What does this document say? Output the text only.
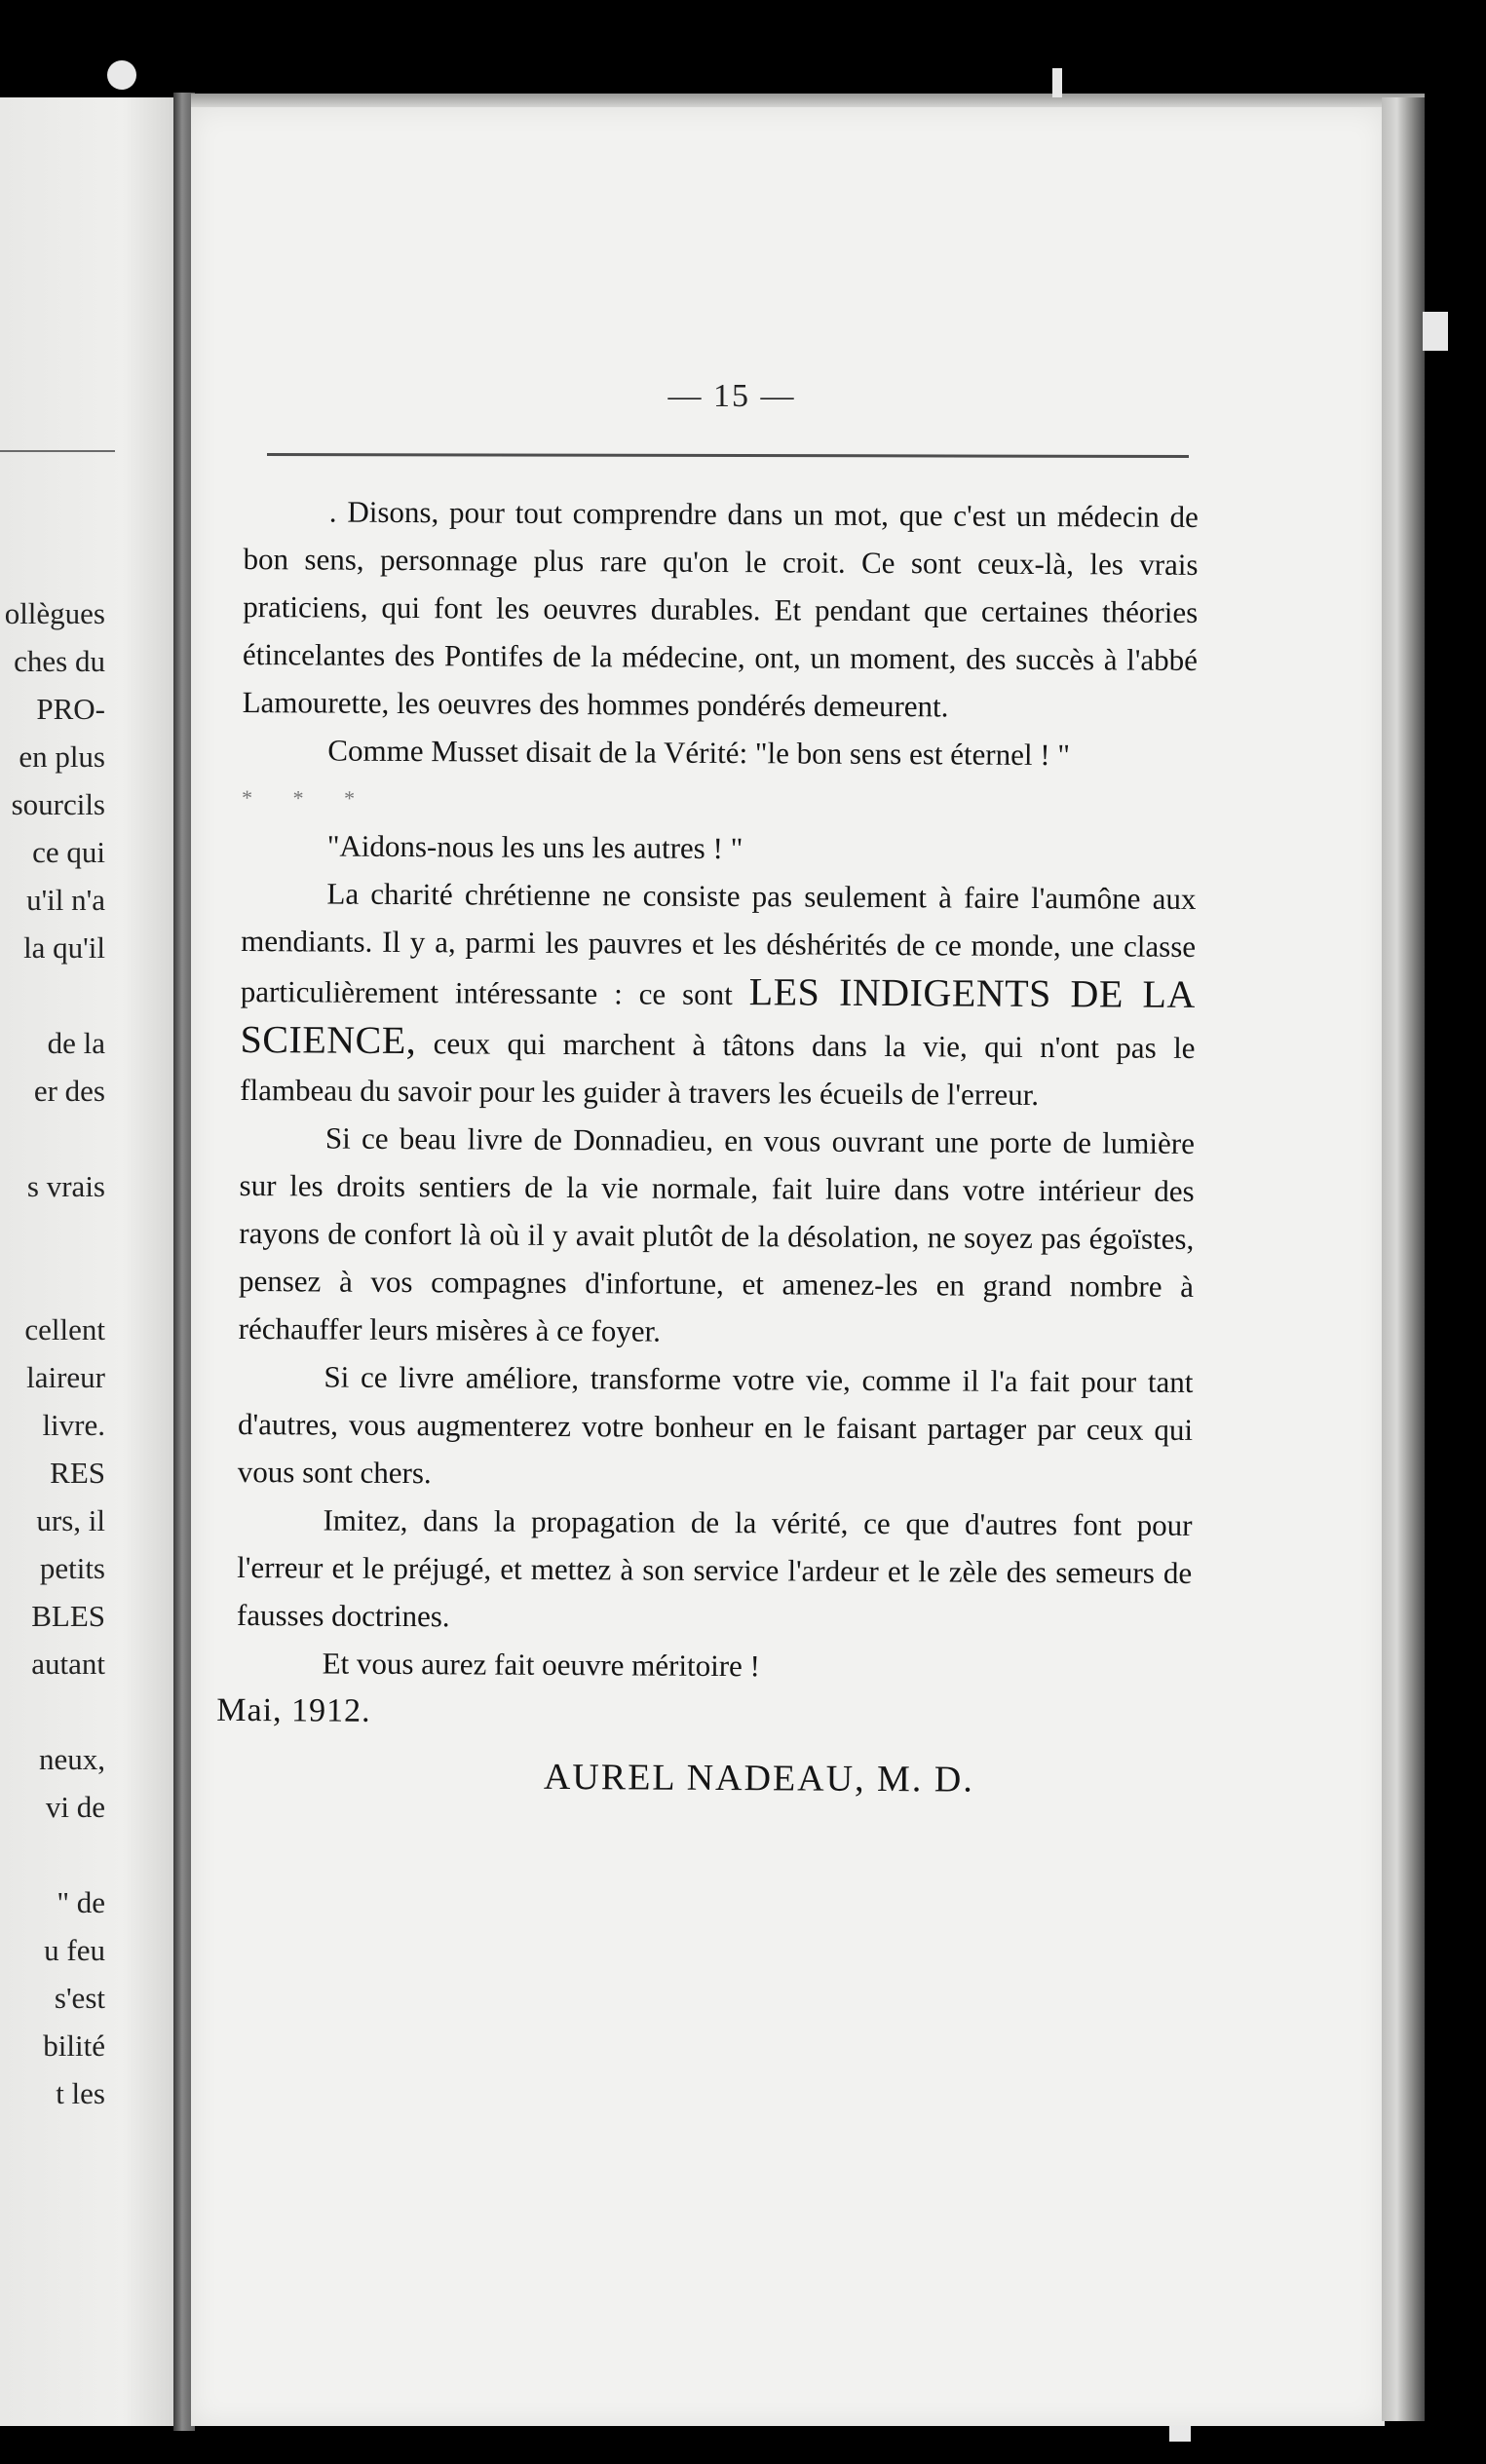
ollègues
ches du
PRO-
en plus
sourcils
ce qui
u'il n'a
la qu'il

de la
er des

s vrais

cellent
laireur
livre.
RES
urs, il
petits
BLES
autant

neux,
vi de

" de
u feu
s'est
bilité
t les
— 15 —

. Disons, pour tout comprendre dans un mot, que c'est un médecin de bon sens, personnage plus rare qu'on le croit. Ce sont ceux-là, les vrais praticiens, qui font les oeuvres durables. Et pendant que certaines théories étincelantes des Pontifes de la médecine, ont, un moment, des succès à l'abbé Lamourette, les oeuvres des hommes pondérés demeurent.

Comme Musset disait de la Vérité: "le bon sens est éternel ! "

* * *

"Aidons-nous les uns les autres ! "

La charité chrétienne ne consiste pas seulement à faire l'aumône aux mendiants. Il y a, parmi les pauvres et les déshérités de ce monde, une classe particulièrement intéressante : ce sont LES INDIGENTS DE LA SCIENCE, ceux qui marchent à tâtons dans la vie, qui n'ont pas le flambeau du savoir pour les guider à travers les écueils de l'erreur.

Si ce beau livre de Donnadieu, en vous ouvrant une porte de lumière sur les droits sentiers de la vie normale, fait luire dans votre intérieur des rayons de confort là où il y avait plutôt de la désolation, ne soyez pas égoïstes, pensez à vos compagnes d'infortune, et amenez-les en grand nombre à réchauffer leurs misères à ce foyer.

Si ce livre améliore, transforme votre vie, comme il l'a fait pour tant d'autres, vous augmenterez votre bonheur en le faisant partager par ceux qui vous sont chers.

Imitez, dans la propagation de la vérité, ce que d'autres font pour l'erreur et le préjugé, et mettez à son service l'ardeur et le zèle des semeurs de fausses doctrines.

Et vous aurez fait oeuvre méritoire !

Mai, 1912.

AUREL NADEAU, M. D.
